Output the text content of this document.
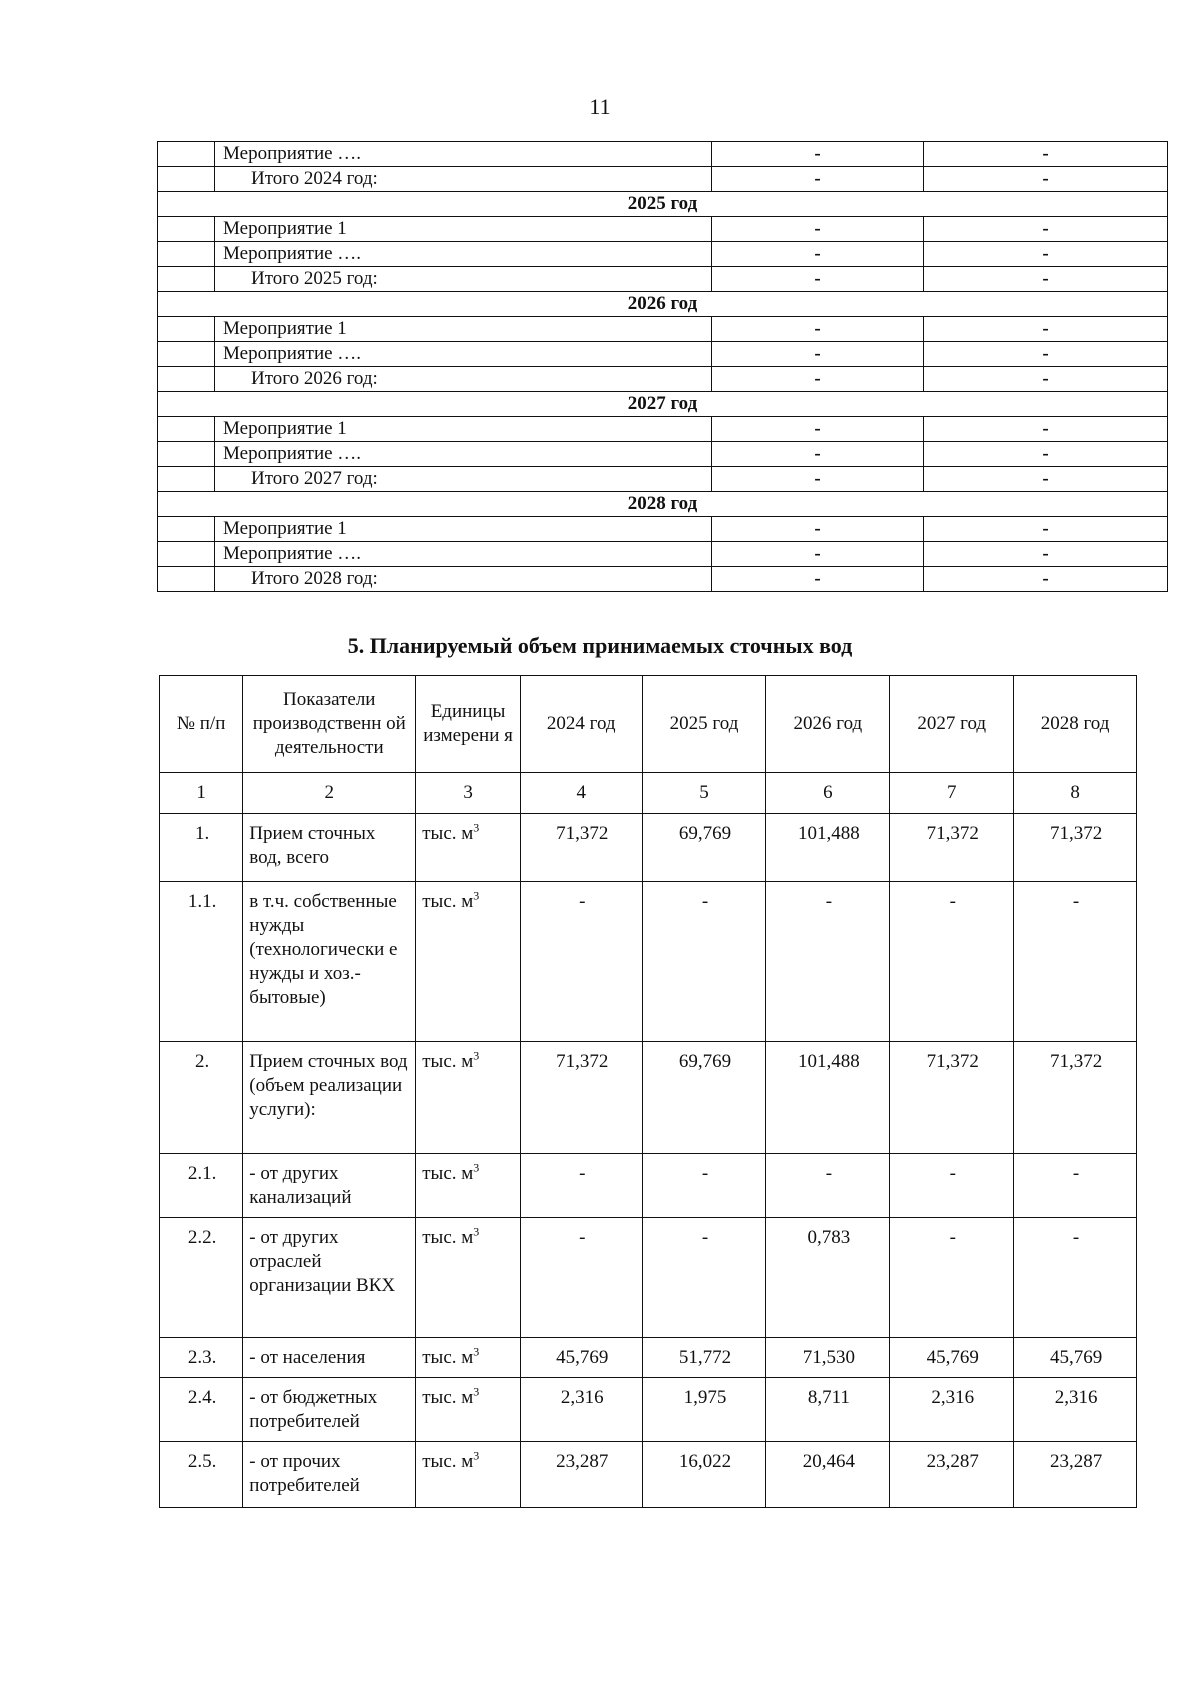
11
	Мероприятие ….	-	-
	Итого 2024 год:	-	-
2025 год			
	Мероприятие 1	-	-
	Мероприятие ….	-	-
	Итого 2025 год:	-	-
2026 год			
	Мероприятие 1	-	-
	Мероприятие ….	-	-
	Итого 2026 год:	-	-
2027 год			
	Мероприятие 1	-	-
	Мероприятие ….	-	-
	Итого 2027 год:	-	-
2028 год			
	Мероприятие 1	-	-
	Мероприятие ….	-	-
	Итого 2028 год:	-	-
5. Планируемый объем принимаемых сточных вод
№ п/п	Показатели производственн ой деятельности	Единицы измерени я	2024 год	2025 год	2026 год	2027 год	2028 год
1	2	3	4	5	6	7	8
1.	Прием сточных вод, всего	тыс. $м^3$	71,372	69,769	101,488	71,372	71,372
1.1.	в т.ч. собственные нужды (технологически е нужды и хоз.- бытовые)	тыс. $м^3$	-	-	-	-	-
2.	Прием сточных вод (объем реализации услуги):	тыс. $м^3$	71,372	69,769	101,488	71,372	71,372
2.1.	- от других канализаций	тыс. $м^3$	-	-	-	-	-
2.2.	- от других отраслей организации ВКХ	тыс. $м^3$	-	-	0,783	-	-
2.3.	- от населения	тыс. $м^3$	45,769	51,772	71,530	45,769	45,769
2.4.	- от бюджетных потребителей	тыс. $м^3$	2,316	1,975	8,711	2,316	2,316
2.5.	- от прочих потребителей	тыс. $м^3$	23,287	16,022	20,464	23,287	23,287
